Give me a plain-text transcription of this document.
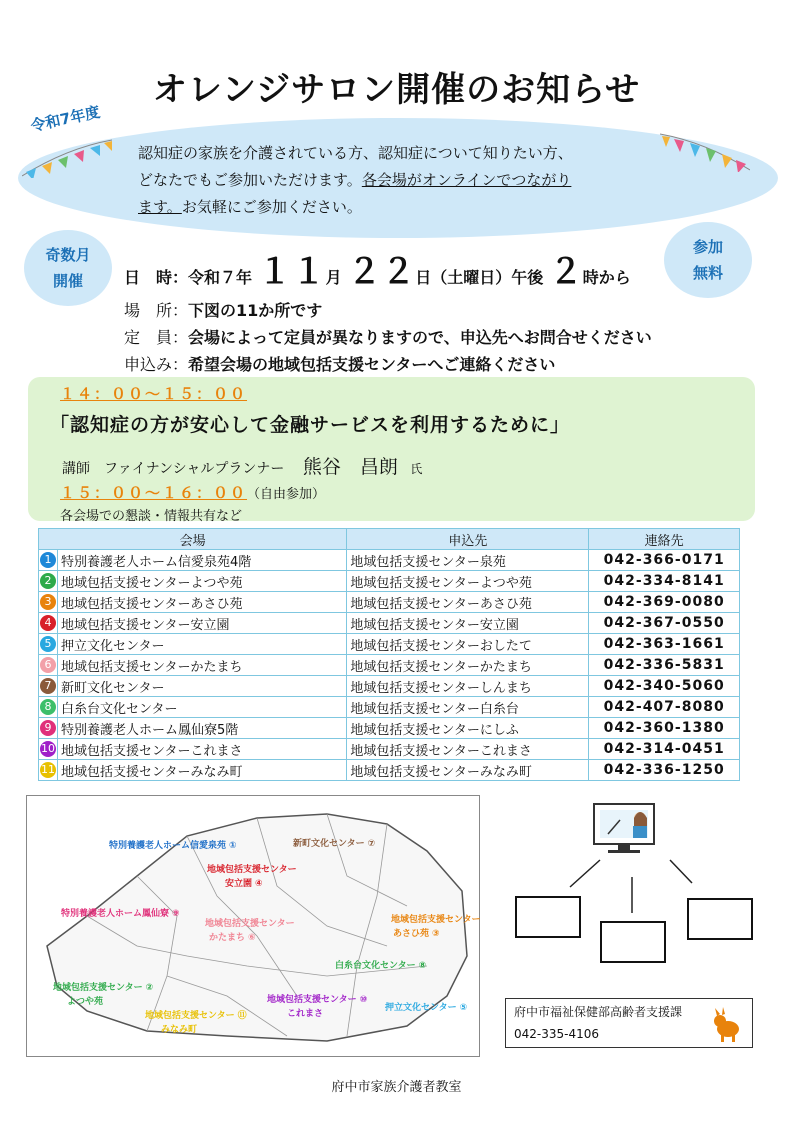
オレンジサロン開催のお知らせ
令和7年度
認知症の家族を介護されている方、認知症について知りたい方、
どなたでもご参加いただけます。各会場がオンラインでつながり
ます。お気軽にご参加ください。
奇数月
開催
参加
無料
日　時：令和７年 １１月 ２２日（土曜日）午後 ２時から
場　所：下図の11か所です
定　員：会場によって定員が異なりますので、申込先へお問合せください
申込み：希望会場の地域包括支援センターへご連絡ください
１４：００～１５：００
「認知症の方が安心して金融サービスを利用するために」
講師　ファイナンシャルプランナー 熊谷　昌朗 氏
１５：００～１６：００（自由参加）
各会場での懇談・情報共有など
会場		申込先	連絡先
1	特別養護老人ホーム信愛泉苑4階	地域包括支援センター泉苑	042-366-0171
2	地域包括支援センターよつや苑	地域包括支援センターよつや苑	042-334-8141
3	地域包括支援センターあさひ苑	地域包括支援センターあさひ苑	042-369-0080
4	地域包括支援センター安立園	地域包括支援センター安立園	042-367-0550
5	押立文化センター	地域包括支援センターおしたて	042-363-1661
6	地域包括支援センターかたまち	地域包括支援センターかたまち	042-336-5831
7	新町文化センター	地域包括支援センターしんまち	042-340-5060
8	白糸台文化センター	地域包括支援センター白糸台	042-407-8080
9	特別養護老人ホーム鳳仙寮5階	地域包括支援センターにしふ	042-360-1380
10	地域包括支援センターこれまさ	地域包括支援センターこれまさ	042-314-0451
11	地域包括支援センターみなみ町	地域包括支援センターみなみ町	042-336-1250
特別養護老人ホーム信愛泉苑 ①	新町文化センター ⑦
地域包括支援センター
安立園 ④
特別養護老人ホーム鳳仙寮 ⑨
地域包括支援センター
かたまち ⑥
地域包括支援センター
あさひ苑 ③
白糸台文化センター ⑧
地域包括支援センター ②
よつや苑
地域包括支援センター ⑪
みなみ町
地域包括支援センター ⑩
これまさ
押立文化センター ⑤	府中市福祉保健部高齢者支援課
042-335-4106
府中市家族介護者教室
